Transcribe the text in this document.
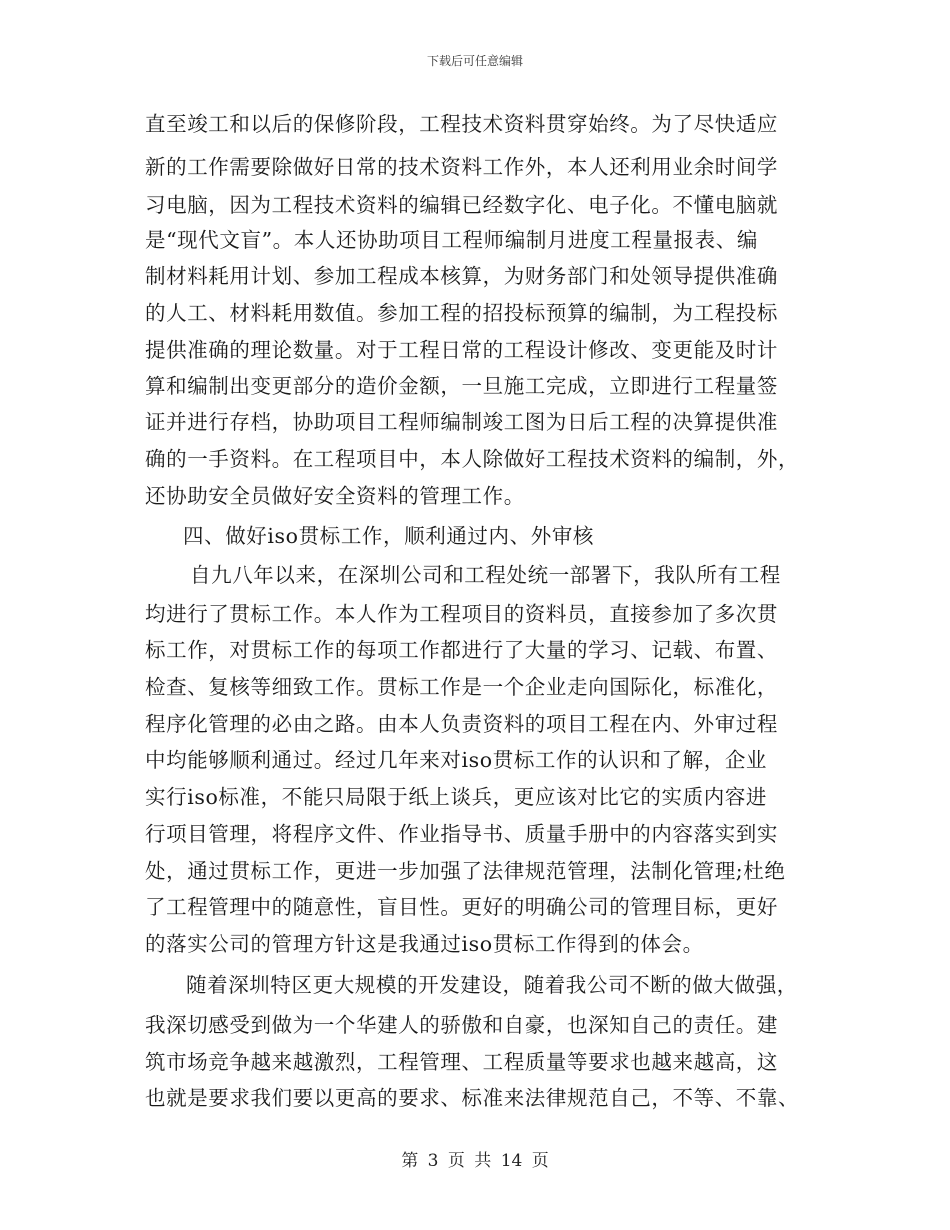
下载后可任意编辑
直至竣工和以后的保修阶段，工程技术资料贯穿始终。为了尽快适应
新的工作需要除做好日常的技术资料工作外，本人还利用业余时间学
习电脑，因为工程技术资料的编辑已经数字化、电子化。不懂电脑就
是“现代文盲”。本人还协助项目工程师编制月进度工程量报表、编
制材料耗用计划、参加工程成本核算，为财务部门和处领导提供准确
的人工、材料耗用数值。参加工程的招投标预算的编制，为工程投标
提供准确的理论数量。对于工程日常的工程设计修改、变更能及时计
算和编制出变更部分的造价金额，一旦施工完成，立即进行工程量签
证并进行存档，协助项目工程师编制竣工图为日后工程的决算提供准
确的一手资料。在工程项目中，本人除做好工程技术资料的编制，外，
还协助安全员做好安全资料的管理工作。
四、做好iso贯标工作，顺利通过内、外审核
自九八年以来，在深圳公司和工程处统一部署下，我队所有工程
均进行了贯标工作。本人作为工程项目的资料员，直接参加了多次贯
标工作，对贯标工作的每项工作都进行了大量的学习、记载、布置、
检查、复核等细致工作。贯标工作是一个企业走向国际化，标准化，
程序化管理的必由之路。由本人负责资料的项目工程在内、外审过程
中均能够顺利通过。经过几年来对iso贯标工作的认识和了解，企业
实行iso标准，不能只局限于纸上谈兵，更应该对比它的实质内容进
行项目管理，将程序文件、作业指导书、质量手册中的内容落实到实
处，通过贯标工作，更进一步加强了法律规范管理，法制化管理;杜绝
了工程管理中的随意性，盲目性。更好的明确公司的管理目标，更好
的落实公司的管理方针这是我通过iso贯标工作得到的体会。
随着深圳特区更大规模的开发建设，随着我公司不断的做大做强，
我深切感受到做为一个华建人的骄傲和自豪，也深知自己的责任。建
筑市场竞争越来越激烈，工程管理、工程质量等要求也越来越高，这
也就是要求我们要以更高的要求、标准来法律规范自己，不等、不靠、
第 3 页 共 14 页
